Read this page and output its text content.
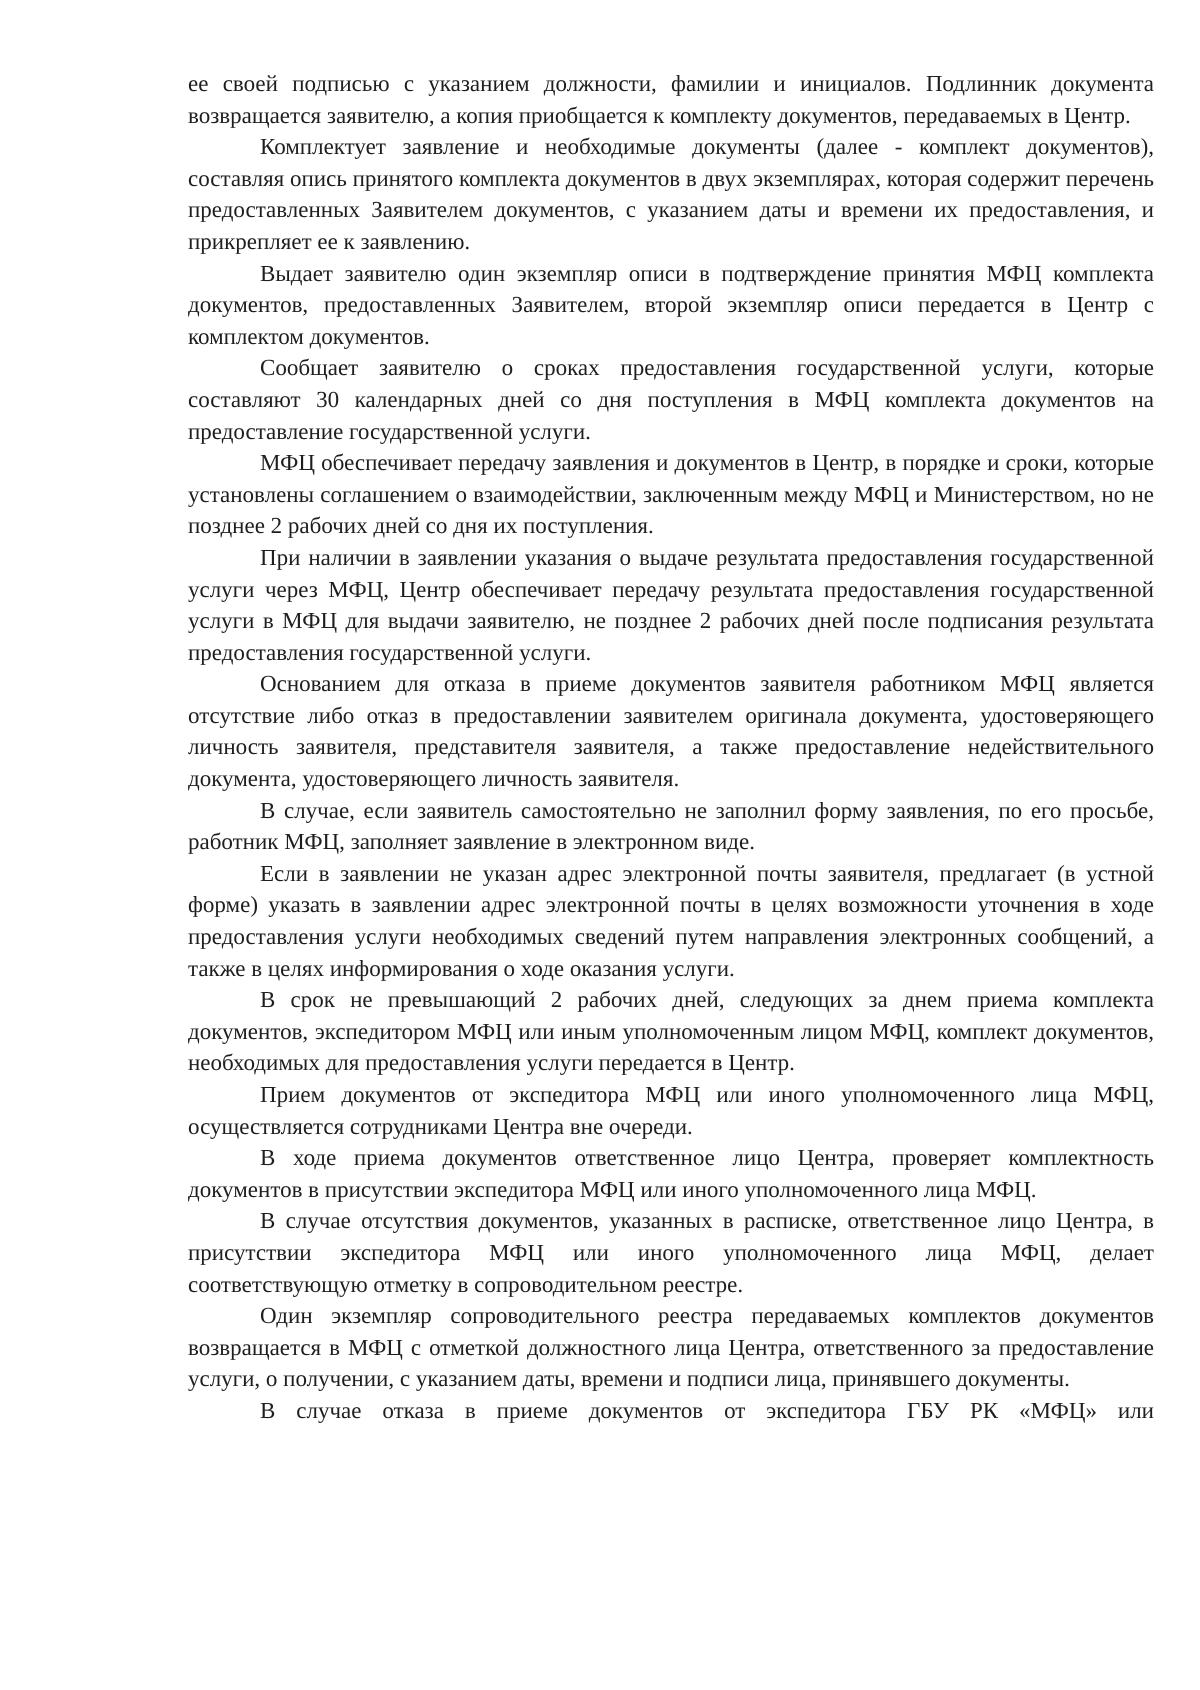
ее своей подписью с указанием должности, фамилии и инициалов. Подлинник документа возвращается заявителю, а копия приобщается к комплекту документов, передаваемых в Центр.

Комплектует заявление и необходимые документы (далее - комплект документов), составляя опись принятого комплекта документов в двух экземплярах, которая содержит перечень предоставленных Заявителем документов, с указанием даты и времени их предоставления, и прикрепляет ее к заявлению.

Выдает заявителю один экземпляр описи в подтверждение принятия МФЦ комплекта документов, предоставленных Заявителем, второй экземпляр описи передается в Центр с комплектом документов.

Сообщает заявителю о сроках предоставления государственной услуги, которые составляют 30 календарных дней со дня поступления в МФЦ комплекта документов на предоставление государственной услуги.

МФЦ обеспечивает передачу заявления и документов в Центр, в порядке и сроки, которые установлены соглашением о взаимодействии, заключенным между МФЦ и Министерством, но не позднее 2 рабочих дней со дня их поступления.

При наличии в заявлении указания о выдаче результата предоставления государственной услуги через МФЦ, Центр обеспечивает передачу результата предоставления государственной услуги в МФЦ для выдачи заявителю, не позднее 2 рабочих дней после подписания результата предоставления государственной услуги.

Основанием для отказа в приеме документов заявителя работником МФЦ является отсутствие либо отказ в предоставлении заявителем оригинала документа, удостоверяющего личность заявителя, представителя заявителя, а также предоставление недействительного документа, удостоверяющего личность заявителя.

В случае, если заявитель самостоятельно не заполнил форму заявления, по его просьбе, работник МФЦ, заполняет заявление в электронном виде.

Если в заявлении не указан адрес электронной почты заявителя, предлагает (в устной форме) указать в заявлении адрес электронной почты в целях возможности уточнения в ходе предоставления услуги необходимых сведений путем направления электронных сообщений, а также в целях информирования о ходе оказания услуги.

В срок не превышающий 2 рабочих дней, следующих за днем приема комплекта документов, экспедитором МФЦ или иным уполномоченным лицом МФЦ, комплект документов, необходимых для предоставления услуги передается в Центр.

Прием документов от экспедитора МФЦ или иного уполномоченного лица МФЦ, осуществляется сотрудниками Центра вне очереди.

В ходе приема документов ответственное лицо Центра, проверяет комплектность документов в присутствии экспедитора МФЦ или иного уполномоченного лица МФЦ.

В случае отсутствия документов, указанных в расписке, ответственное лицо Центра, в присутствии экспедитора МФЦ или иного уполномоченного лица МФЦ, делает соответствующую отметку в сопроводительном реестре.

Один экземпляр сопроводительного реестра передаваемых комплектов документов возвращается в МФЦ с отметкой должностного лица Центра, ответственного за предоставление услуги, о получении, с указанием даты, времени и подписи лица, принявшего документы.

В случае отказа в приеме документов от экспедитора ГБУ РК «МФЦ» или
